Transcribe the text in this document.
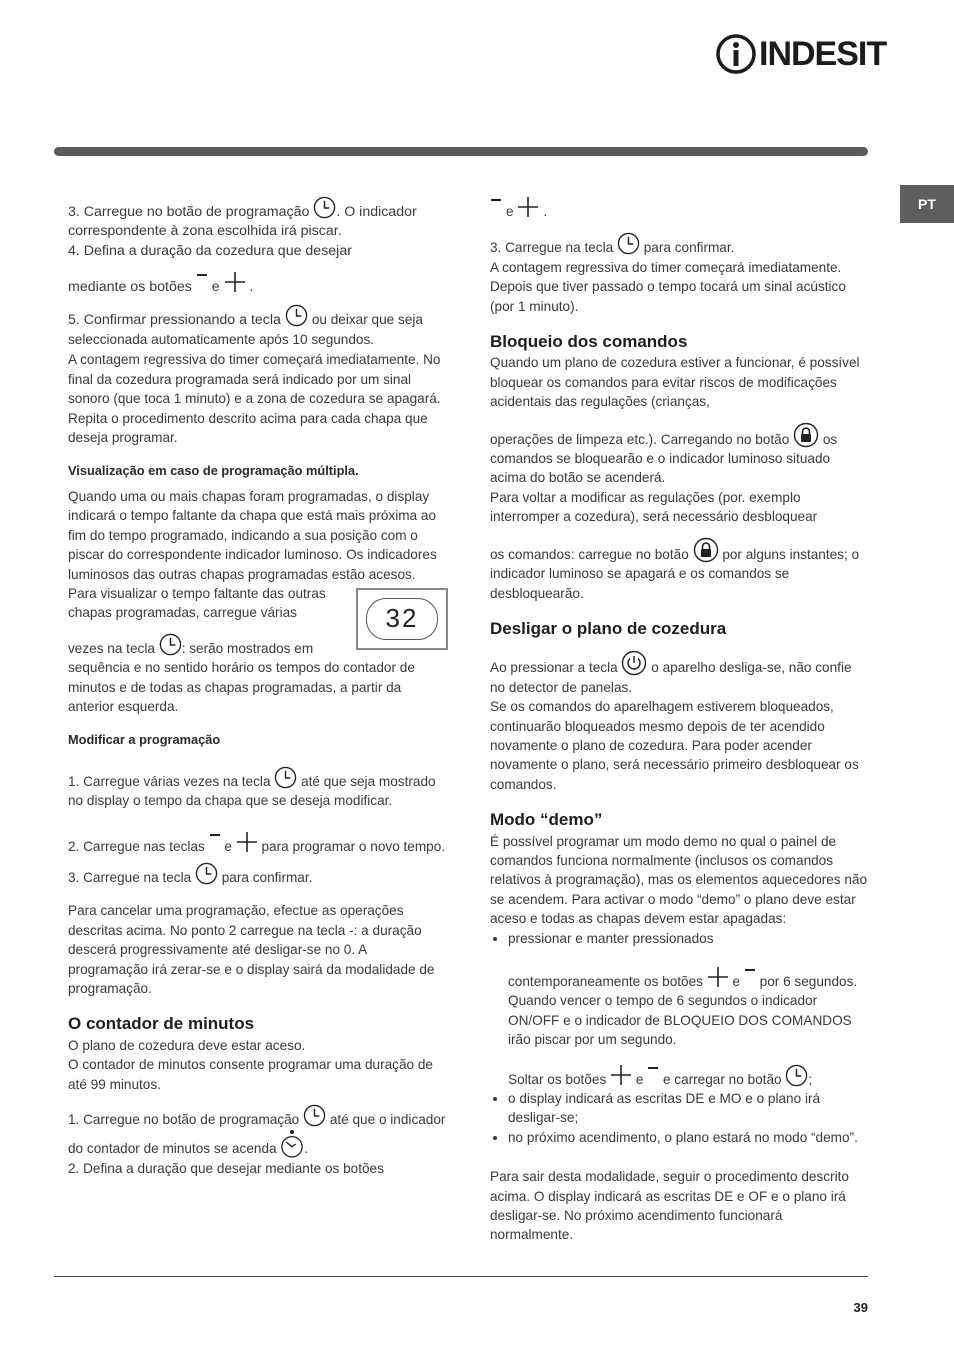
INDESIT
PT

3. Carregue no botão de programação . O indicador correspondente à zona escolhida irá piscar.

4. Defina a duração da cozedura que desejar

mediante os botões e .

5. Confirmar pressionando a tecla ou deixar que seja seleccionada automaticamente após 10 segundos.

A contagem regressiva do timer começará imediatamente. No final da cozedura programada será indicado por um sinal sonoro (que toca 1 minuto) e a zona de cozedura se apagará.

Repita o procedimento descrito acima para cada chapa que deseja programar.

Visualização em caso de programação múltipla.

Quando uma ou mais chapas foram programadas, o display indicará o tempo faltante da chapa que está mais próxima ao fim do tempo programado, indicando a sua posição com o piscar do correspondente indicador luminoso. Os indicadores luminosos das outras chapas programadas estão acesos.

32

Para visualizar o tempo faltante das outras chapas programadas, carregue várias

vezes na tecla : serão mostrados em sequência e no sentido horário os tempos do contador de minutos e de todas as chapas programadas, a partir da anterior esquerda.

Modificar a programação

1. Carregue várias vezes na tecla até que seja mostrado no display o tempo da chapa que se deseja modificar.

2. Carregue nas teclas e para programar o novo tempo.

3. Carregue na tecla para confirmar.

Para cancelar uma programação, efectue as operações descritas acima. No ponto 2 carregue na tecla -: a duração descerá progressivamente até desligar-se no 0. A programação irá zerar-se e o display sairá da modalidade de programação.

O contador de minutos

O plano de cozedura deve estar aceso.

O contador de minutos consente programar uma duração de até 99 minutos.

1. Carregue no botão de programação até que o indicador do contador de minutos se acenda .

2. Defina a duração que desejar mediante os botões

e .

3. Carregue na tecla para confirmar.

A contagem regressiva do timer começará imediatamente. Depois que tiver passado o tempo tocará um sinal acústico (por 1 minuto).

Bloqueio dos comandos

Quando um plano de cozedura estiver a funcionar, é possível bloquear os comandos para evitar riscos de modificações acidentais das regulações (crianças,

operações de limpeza etc.). Carregando no botão os comandos se bloquearão e o indicador luminoso situado acima do botão se acenderá.

Para voltar a modificar as regulações (por. exemplo interromper a cozedura), será necessário desbloquear

os comandos: carregue no botão por alguns instantes; o indicador luminoso se apagará e os comandos se desbloquearão.

Desligar o plano de cozedura

Ao pressionar a tecla o aparelho desliga-se, não confie no detector de panelas.

Se os comandos do aparelhagem estiverem bloqueados, continuarão bloqueados mesmo depois de ter acendido novamente o plano de cozedura. Para poder acender novamente o plano, será necessário primeiro desbloquear os comandos.

Modo “demo”

É possível programar um modo demo no qual o painel de comandos funciona normalmente (inclusos os comandos relativos à programação), mas os elementos aquecedores não se acendem. Para activar o modo “demo” o plano deve estar aceso e todas as chapas devem estar apagadas:

• pressionar e manter pressionados
contemporaneamente os botões e por 6 segundos. Quando vencer o tempo de 6 segundos o indicador ON/OFF e o indicador de BLOQUEIO DOS COMANDOS irão piscar por um segundo.
Soltar os botões e e carregar no botão ;
• o display indicará as escritas DE e MO e o plano irá desligar-se;
• no próximo acendimento, o plano estará no modo “demo”.

Para sair desta modalidade, seguir o procedimento descrito acima. O display indicará as escritas DE e OF e o plano irá desligar-se. No próximo acendimento funcionará normalmente.

39
